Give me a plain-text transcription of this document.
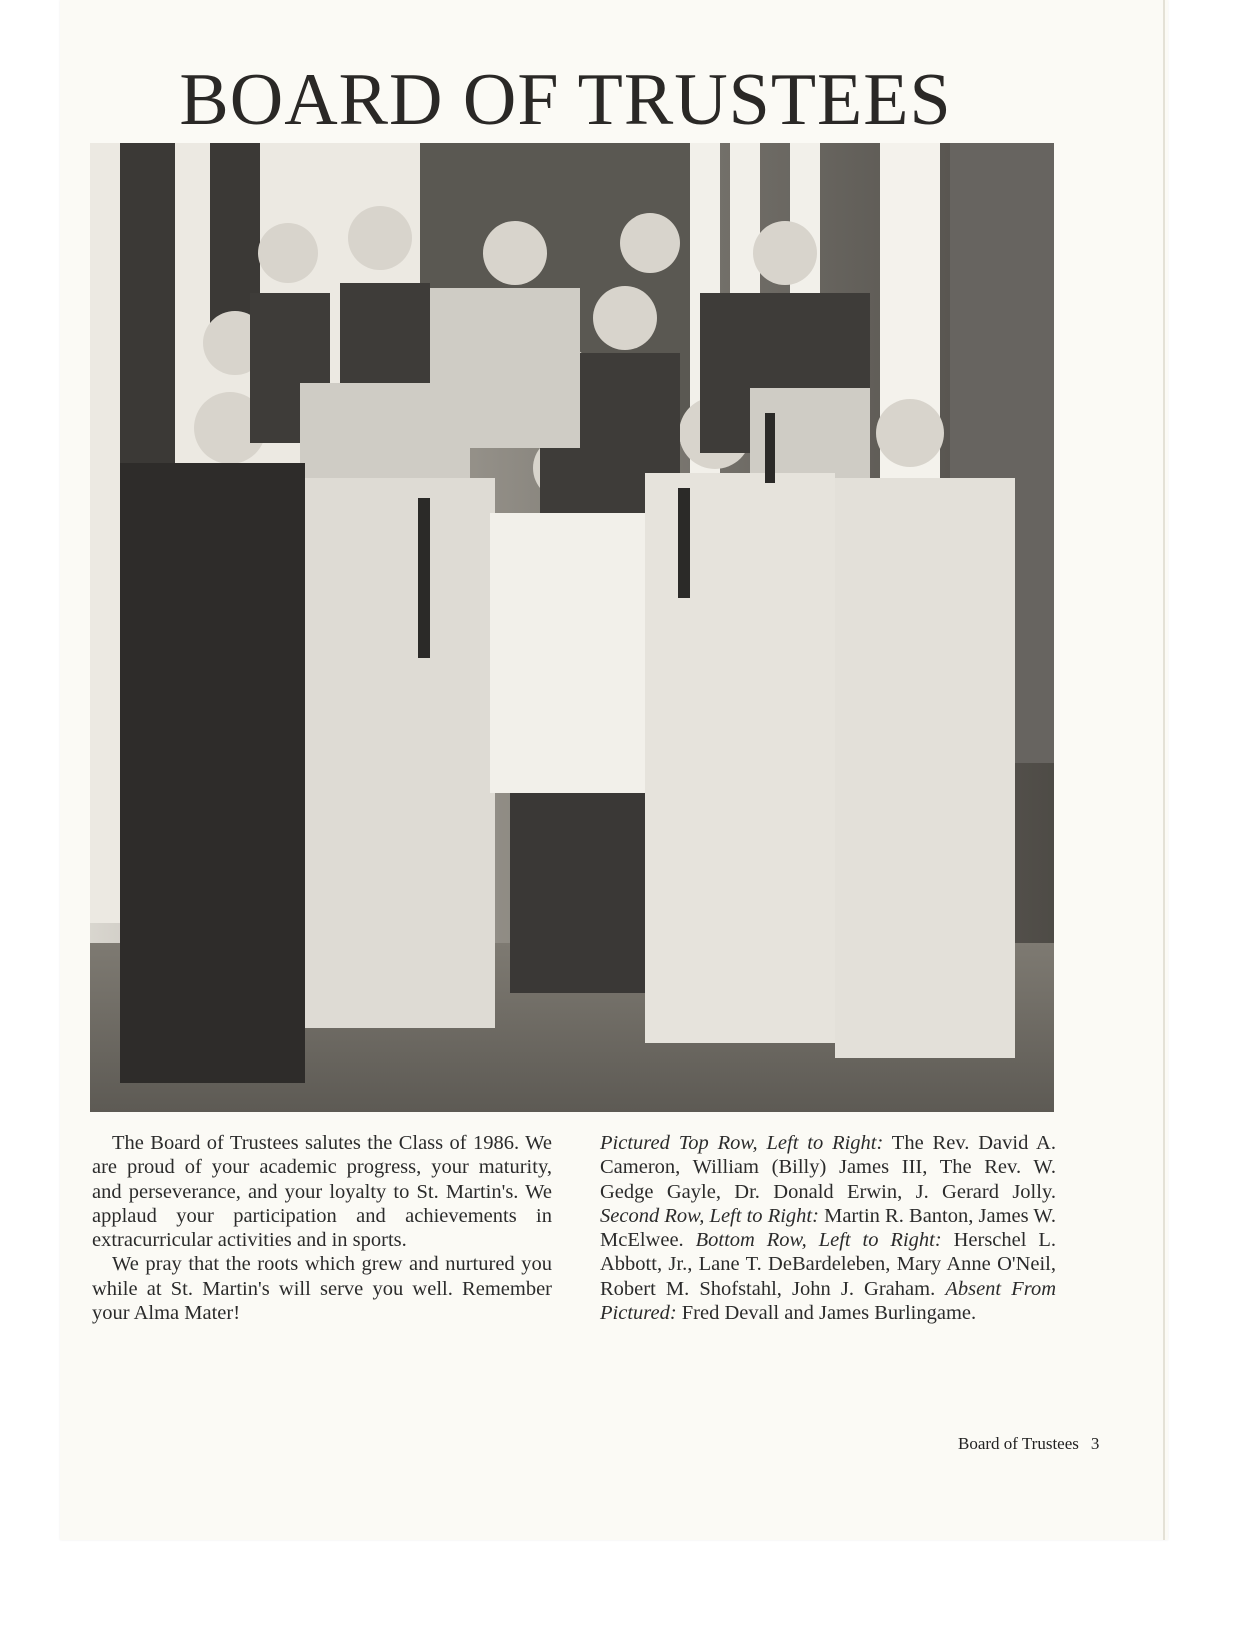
BOARD OF TRUSTEES

The Board of Trustees salutes the Class of 1986. We are proud of your academic progress, your maturity, and perseverance, and your loyalty to St. Martin's. We applaud your participation and achievements in extracurricular activities and in sports.

We pray that the roots which grew and nurtured you while at St. Martin's will serve you well. Remember your Alma Mater!

Pictured Top Row, Left to Right: The Rev. David A. Cameron, William (Billy) James III, The Rev. W. Gedge Gayle, Dr. Donald Erwin, J. Gerard Jolly. Second Row, Left to Right: Martin R. Banton, James W. McElwee. Bottom Row, Left to Right: Herschel L. Abbott, Jr., Lane T. DeBardeleben, Mary Anne O'Neil, Robert M. Shofstahl, John J. Graham. Absent From Pictured: Fred Devall and James Burlingame.

Board of Trustees 3
